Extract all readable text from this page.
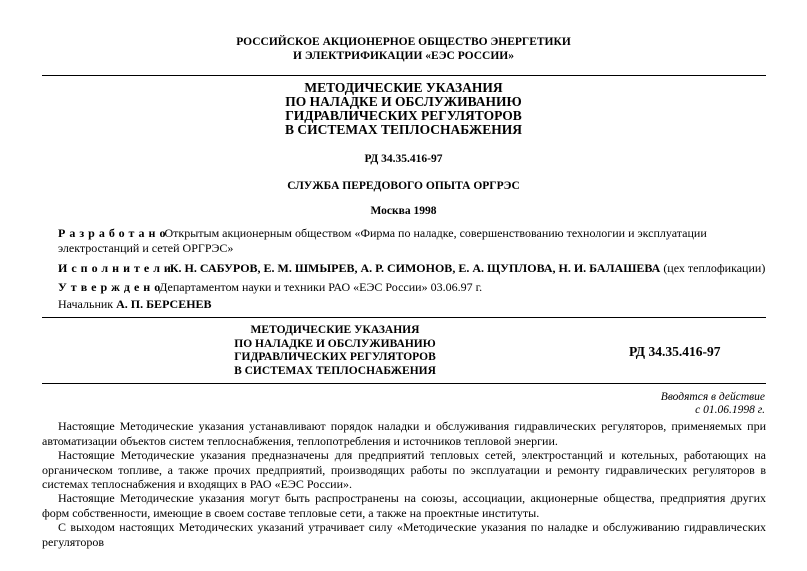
РОССИЙСКОЕ АКЦИОНЕРНОЕ ОБЩЕСТВО ЭНЕРГЕТИКИ
И ЭЛЕКТРИФИКАЦИИ «ЕЭС РОССИИ»
МЕТОДИЧЕСКИЕ УКАЗАНИЯ
ПО НАЛАДКЕ И ОБСЛУЖИВАНИЮ
ГИДРАВЛИЧЕСКИХ РЕГУЛЯТОРОВ
В СИСТЕМАХ ТЕПЛОСНАБЖЕНИЯ
РД 34.35.416-97
СЛУЖБА ПЕРЕДОВОГО ОПЫТА ОРГРЭС
Москва 1998
РазработаноОткрытым акционерным обществом «Фирма по наладке, совершенствованию технологии и эксплуатации электростанций и сетей ОРГРЭС»
ИсполнителиК. Н. САБУРОВ, Е. М. ШМЫРЕВ, А. Р. СИМОНОВ, Е. А. ЩУПЛОВА, Н. И. БАЛАШЕВА (цех теплофикации)
УтвержденоДепартаментом науки и техники РАО «ЕЭС России» 03.06.97 г.
Начальник А. П. БЕРСЕНЕВ
МЕТОДИЧЕСКИЕ УКАЗАНИЯ
ПО НАЛАДКЕ И ОБСЛУЖИВАНИЮ
ГИДРАВЛИЧЕСКИХ РЕГУЛЯТОРОВ
В СИСТЕМАХ ТЕПЛОСНАБЖЕНИЯ
РД 34.35.416-97
Вводятся в действие
с 01.06.1998 г.

Настоящие Методические указания устанавливают порядок наладки и обслуживания гидравлических регуляторов, применяемых при автоматизации объектов систем теплоснабжения, теплопотребления и источников тепловой энергии.

Настоящие Методические указания предназначены для предприятий тепловых сетей, электростанций и котельных, работающих на органическом топливе, а также прочих предприятий, производящих работы по эксплуатации и ремонту гидравлических регуляторов в системах теплоснабжения и входящих в РАО «ЕЭС России».

Настоящие Методические указания могут быть распространены на союзы, ассоциации, акционерные общества, предприятия других форм собственности, имеющие в своем составе тепловые сети, а также на проектные институты.

С выходом настоящих Методических указаний утрачивает силу «Методические указания по наладке и обслуживанию гидравлических регуляторов
